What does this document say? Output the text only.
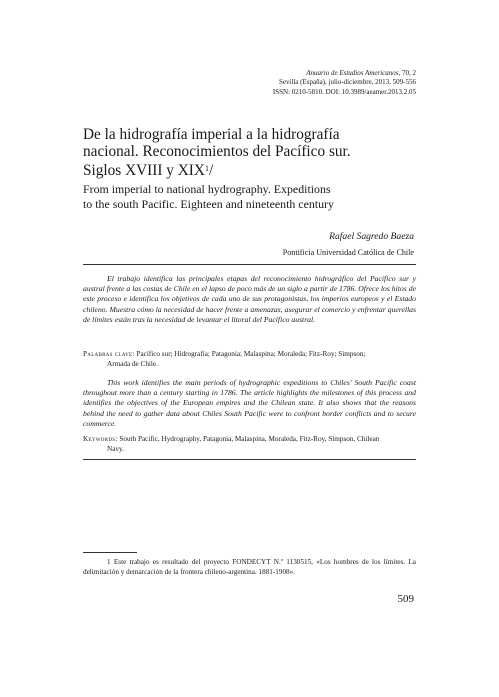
Anuario de Estudios Americanos, 70, 2
Sevilla (España), julio-diciembre, 2013, 509-556
ISSN: 0210-5810. DOI: 10.3989/aeamer.2013.2.05
De la hidrografía imperial a la hidrografía
nacional. Reconocimientos del Pacífico sur.
Siglos XVIII y XIX$^1$/
From imperial to national hydrography. Expeditions
to the south Pacific. Eighteen and nineteenth century
Rafael Sagredo Baeza
Pontificia Universidad Católica de Chile
El trabajo identifica las principales etapas del reconocimiento hidrográfico del Pacífico sur y austral frente a las costas de Chile en el lapso de poco más de un siglo a partir de 1786. Ofrece los hitos de este proceso e identifica los objetivos de cada uno de sus protagonistas, los imperios europeos y el Estado chileno. Muestra cómo la necesidad de hacer frente a amenazas, asegurar el comercio y enfrentar querellas de límites están tras la necesidad de levantar el litoral del Pacífico austral.
Palabras clave: Pacífico sur; Hidrografía; Patagonia; Malaspina; Moraleda; Fitz-Roy; Simpson;
Armada de Chile.
This work identifies the main periods of hydrographic expeditions to Chiles' South Pacific coast throughout more than a century starting in 1786. The article highlights the milestones of this process and identifies the objectives of the European empires and the Chilean state. It also shows that the reasons behind the need to gather data about Chiles South Pacific were to confront border conflicts and to secure commerce.
Keywords: South Pacific, Hydrography, Patagonia, Malaspina, Moraleda, Fitz-Roy, Simpson, Chilean
Navy.
1 Este trabajo es resultado del proyecto FONDECYT N.º 1130515, «Los hombres de los límites. La delimitación y demarcación de la frontera chileno-argentina. 1881-1908».
509
